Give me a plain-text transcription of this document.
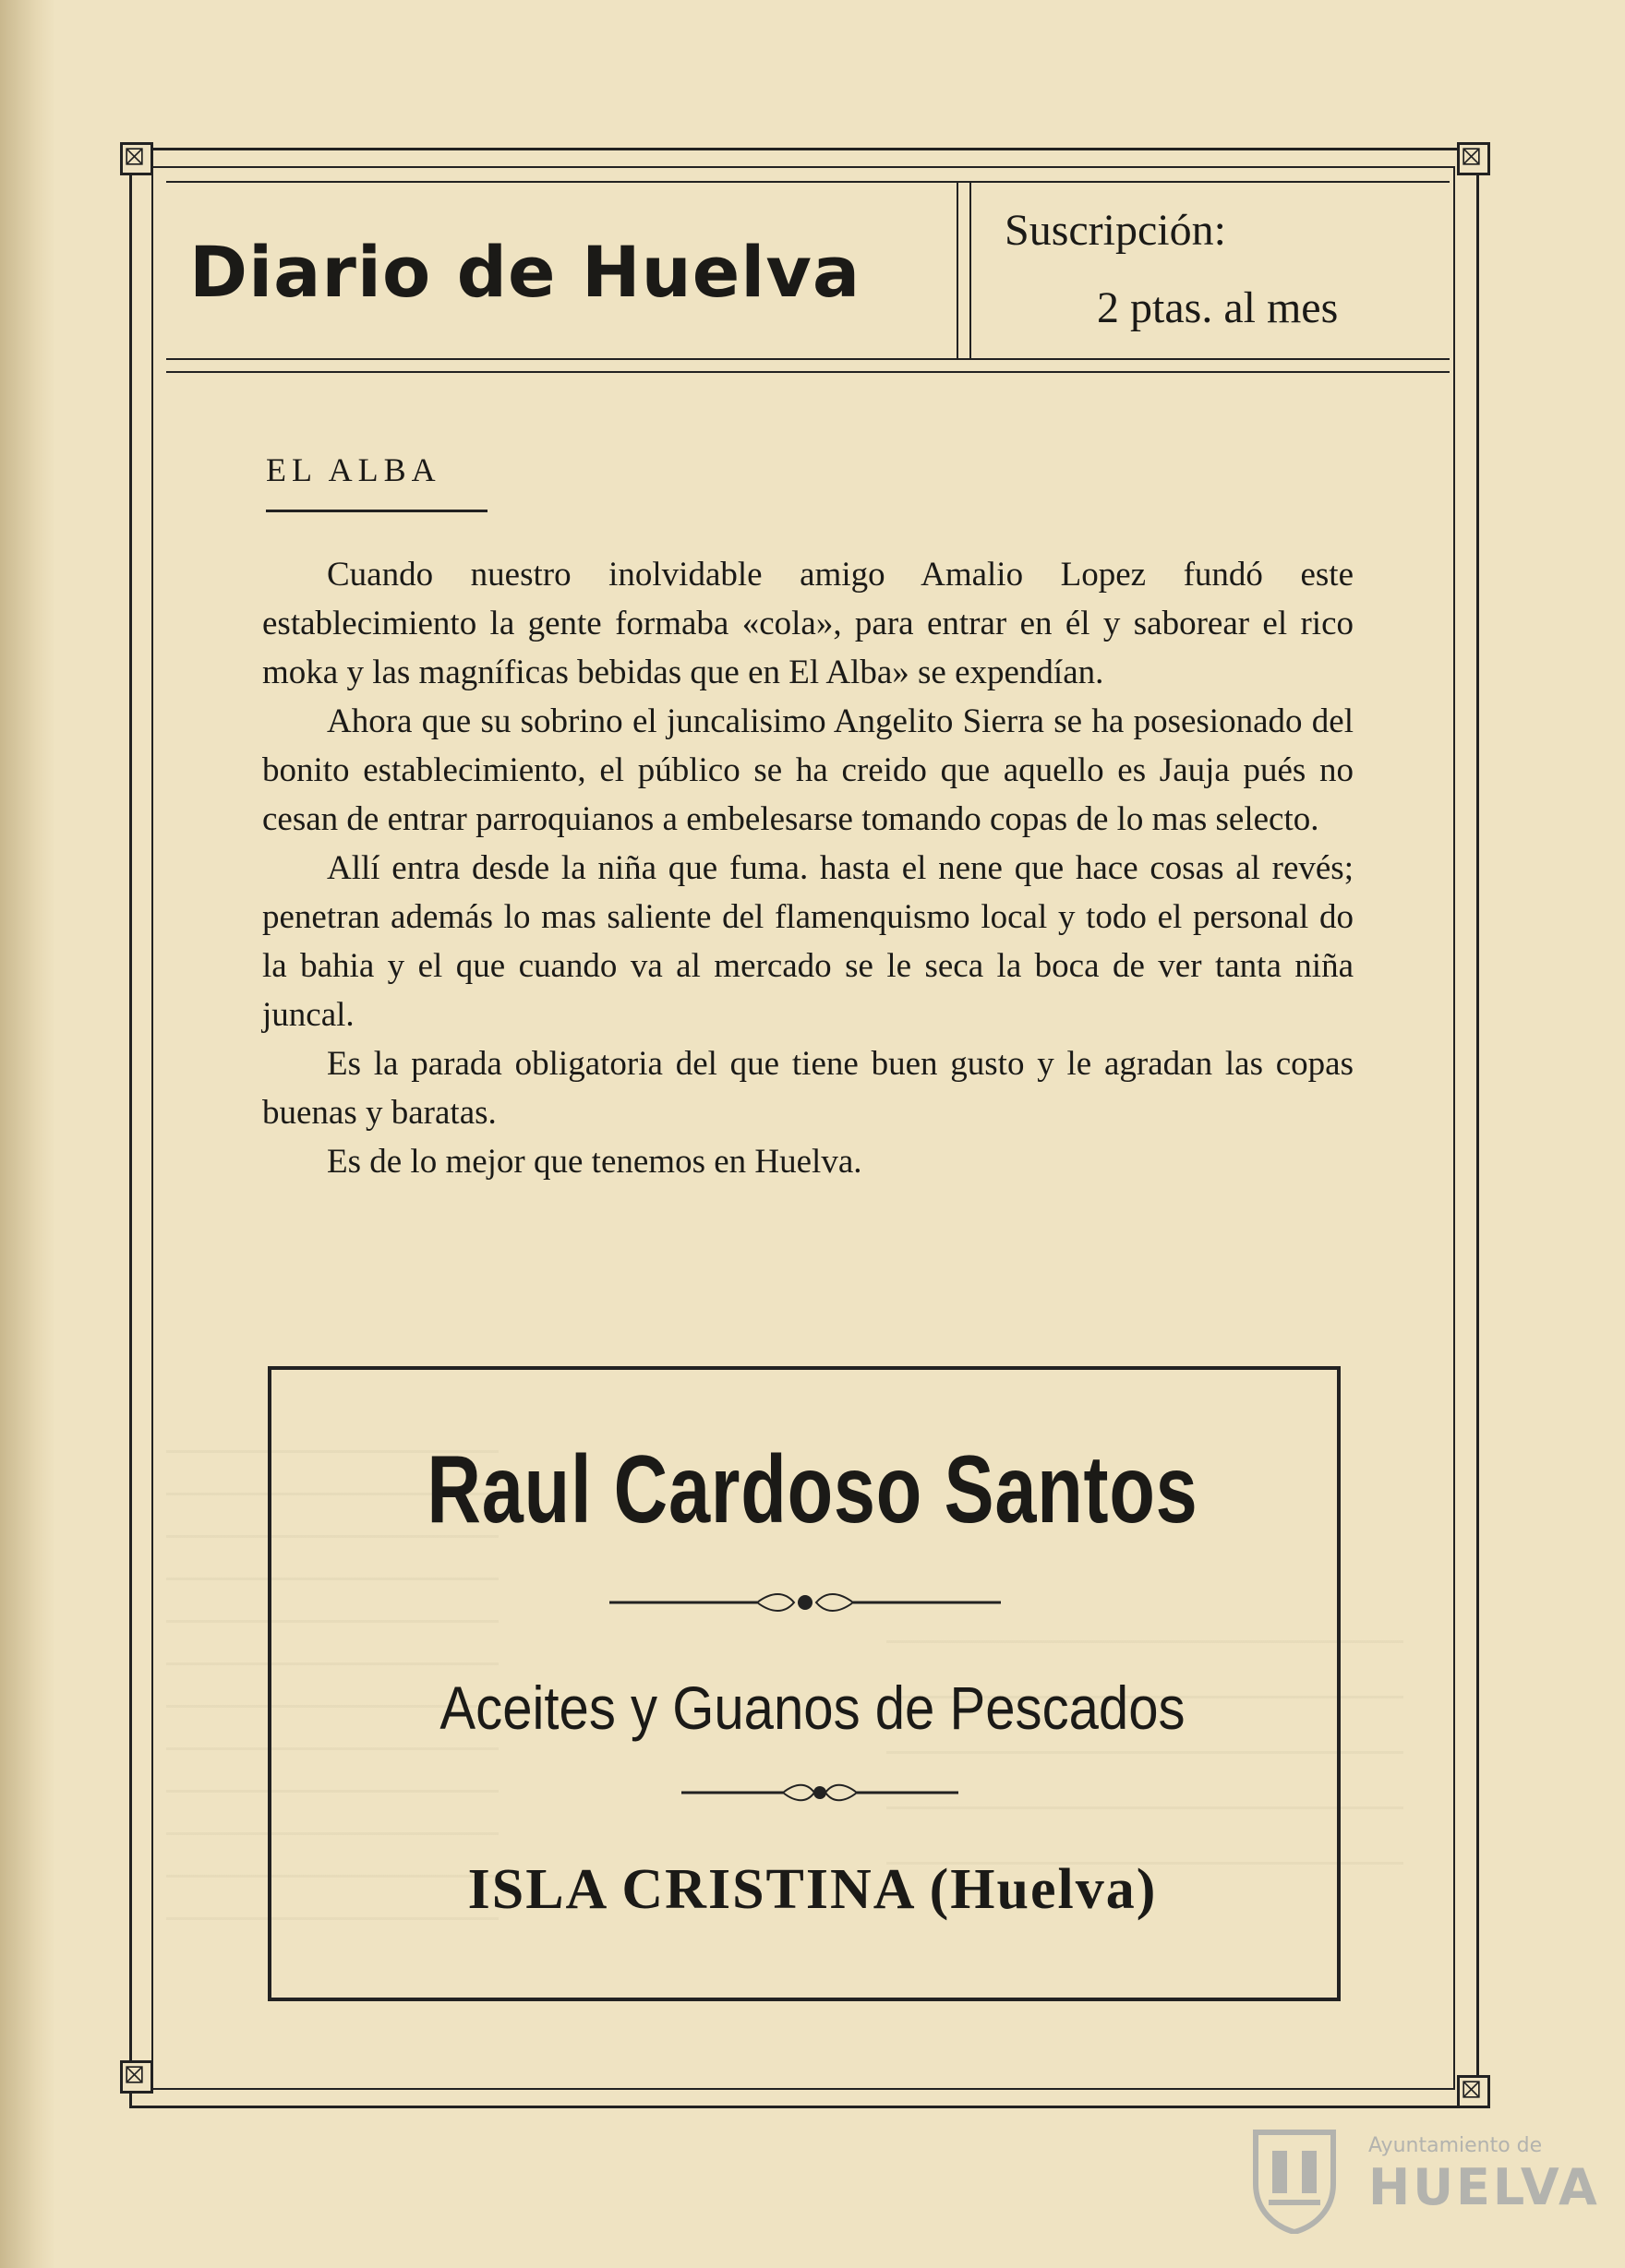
Diario de Huelva
Suscripción:
2 ptas. al mes
EL ALBA

Cuando nuestro inolvidable amigo Amalio Lopez fundó este establecimiento la gente formaba «cola», para entrar en él y saborear el rico moka y las magníficas bebidas que en El Alba» se expendían.

Ahora que su sobrino el juncalisimo Angelito Sierra se ha posesionado del bonito establecimiento, el público se ha creido que aquello es Jauja pués no cesan de entrar parroquianos a embelesarse tomando copas de lo mas selecto.

Allí entra desde la niña que fuma. hasta el nene que hace cosas al revés; penetran además lo mas saliente del flamenquismo local y todo el personal do la bahia y el que cuando va al mercado se le seca la boca de ver tanta niña juncal.

Es la parada obligatoria del que tiene buen gusto y le agradan las copas buenas y baratas.

Es de lo mejor que tenemos en Huelva.

Raul Cardoso Santos
Aceites y Guanos de Pescados
ISLA CRISTINA (Huelva)
Ayuntamiento de
HUELVA
